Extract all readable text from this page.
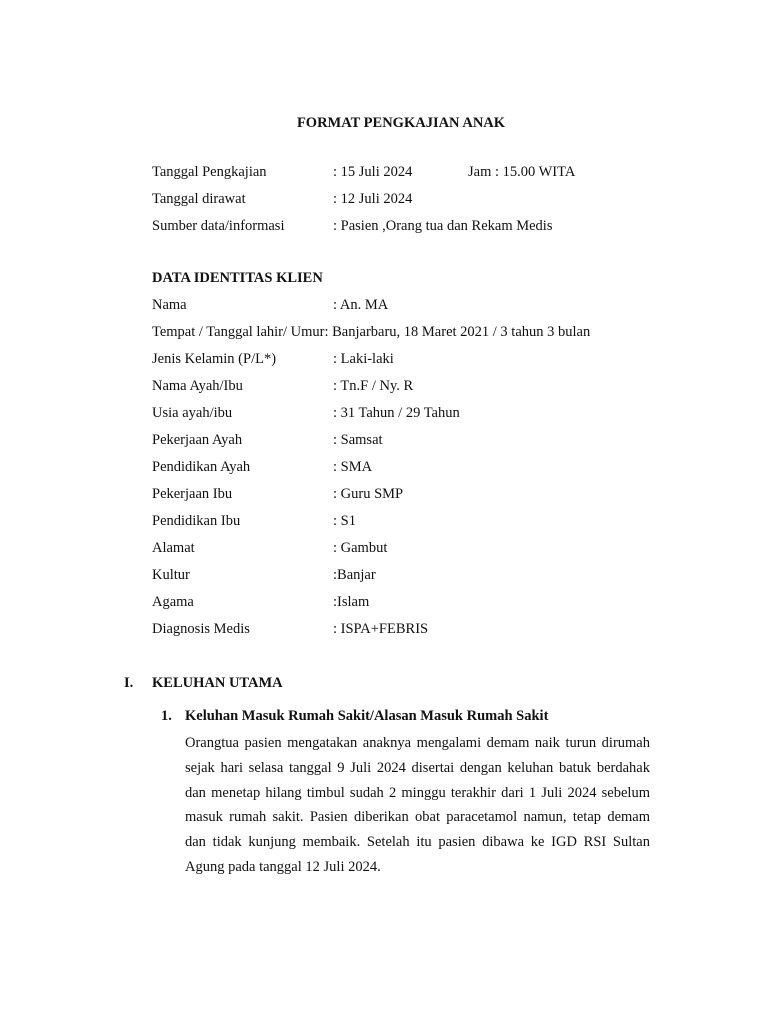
FORMAT PENGKAJIAN ANAK
Tanggal Pengkajian	: 15 Juli 2024	Jam : 15.00 WITA
Tanggal dirawat	: 12 Juli 2024
Sumber data/informasi	: Pasien ,Orang tua dan Rekam Medis
DATA IDENTITAS KLIEN
Nama	: An. MA
Tempat / Tanggal lahir/ Umur: Banjarbaru, 18 Maret 2021 / 3 tahun 3 bulan
Jenis Kelamin (P/L*)	: Laki-laki
Nama Ayah/Ibu	: Tn.F / Ny. R
Usia ayah/ibu	: 31 Tahun / 29 Tahun
Pekerjaan Ayah	: Samsat
Pendidikan Ayah	: SMA
Pekerjaan Ibu	: Guru SMP
Pendidikan Ibu	: S1
Alamat	: Gambut
Kultur	:Banjar
Agama	:Islam
Diagnosis Medis	: ISPA+FEBRIS
I. KELUHAN UTAMA
1. Keluhan Masuk Rumah Sakit/Alasan Masuk Rumah Sakit
Orangtua pasien mengatakan anaknya mengalami demam naik turun dirumah
sejak hari selasa tanggal 9 Juli 2024 disertai dengan keluhan batuk berdahak
dan menetap hilang timbul sudah 2 minggu terakhir dari 1 Juli 2024 sebelum
masuk rumah sakit. Pasien diberikan obat paracetamol namun, tetap demam
dan tidak kunjung membaik. Setelah itu pasien dibawa ke IGD RSI Sultan
Agung pada tanggal 12 Juli 2024.
